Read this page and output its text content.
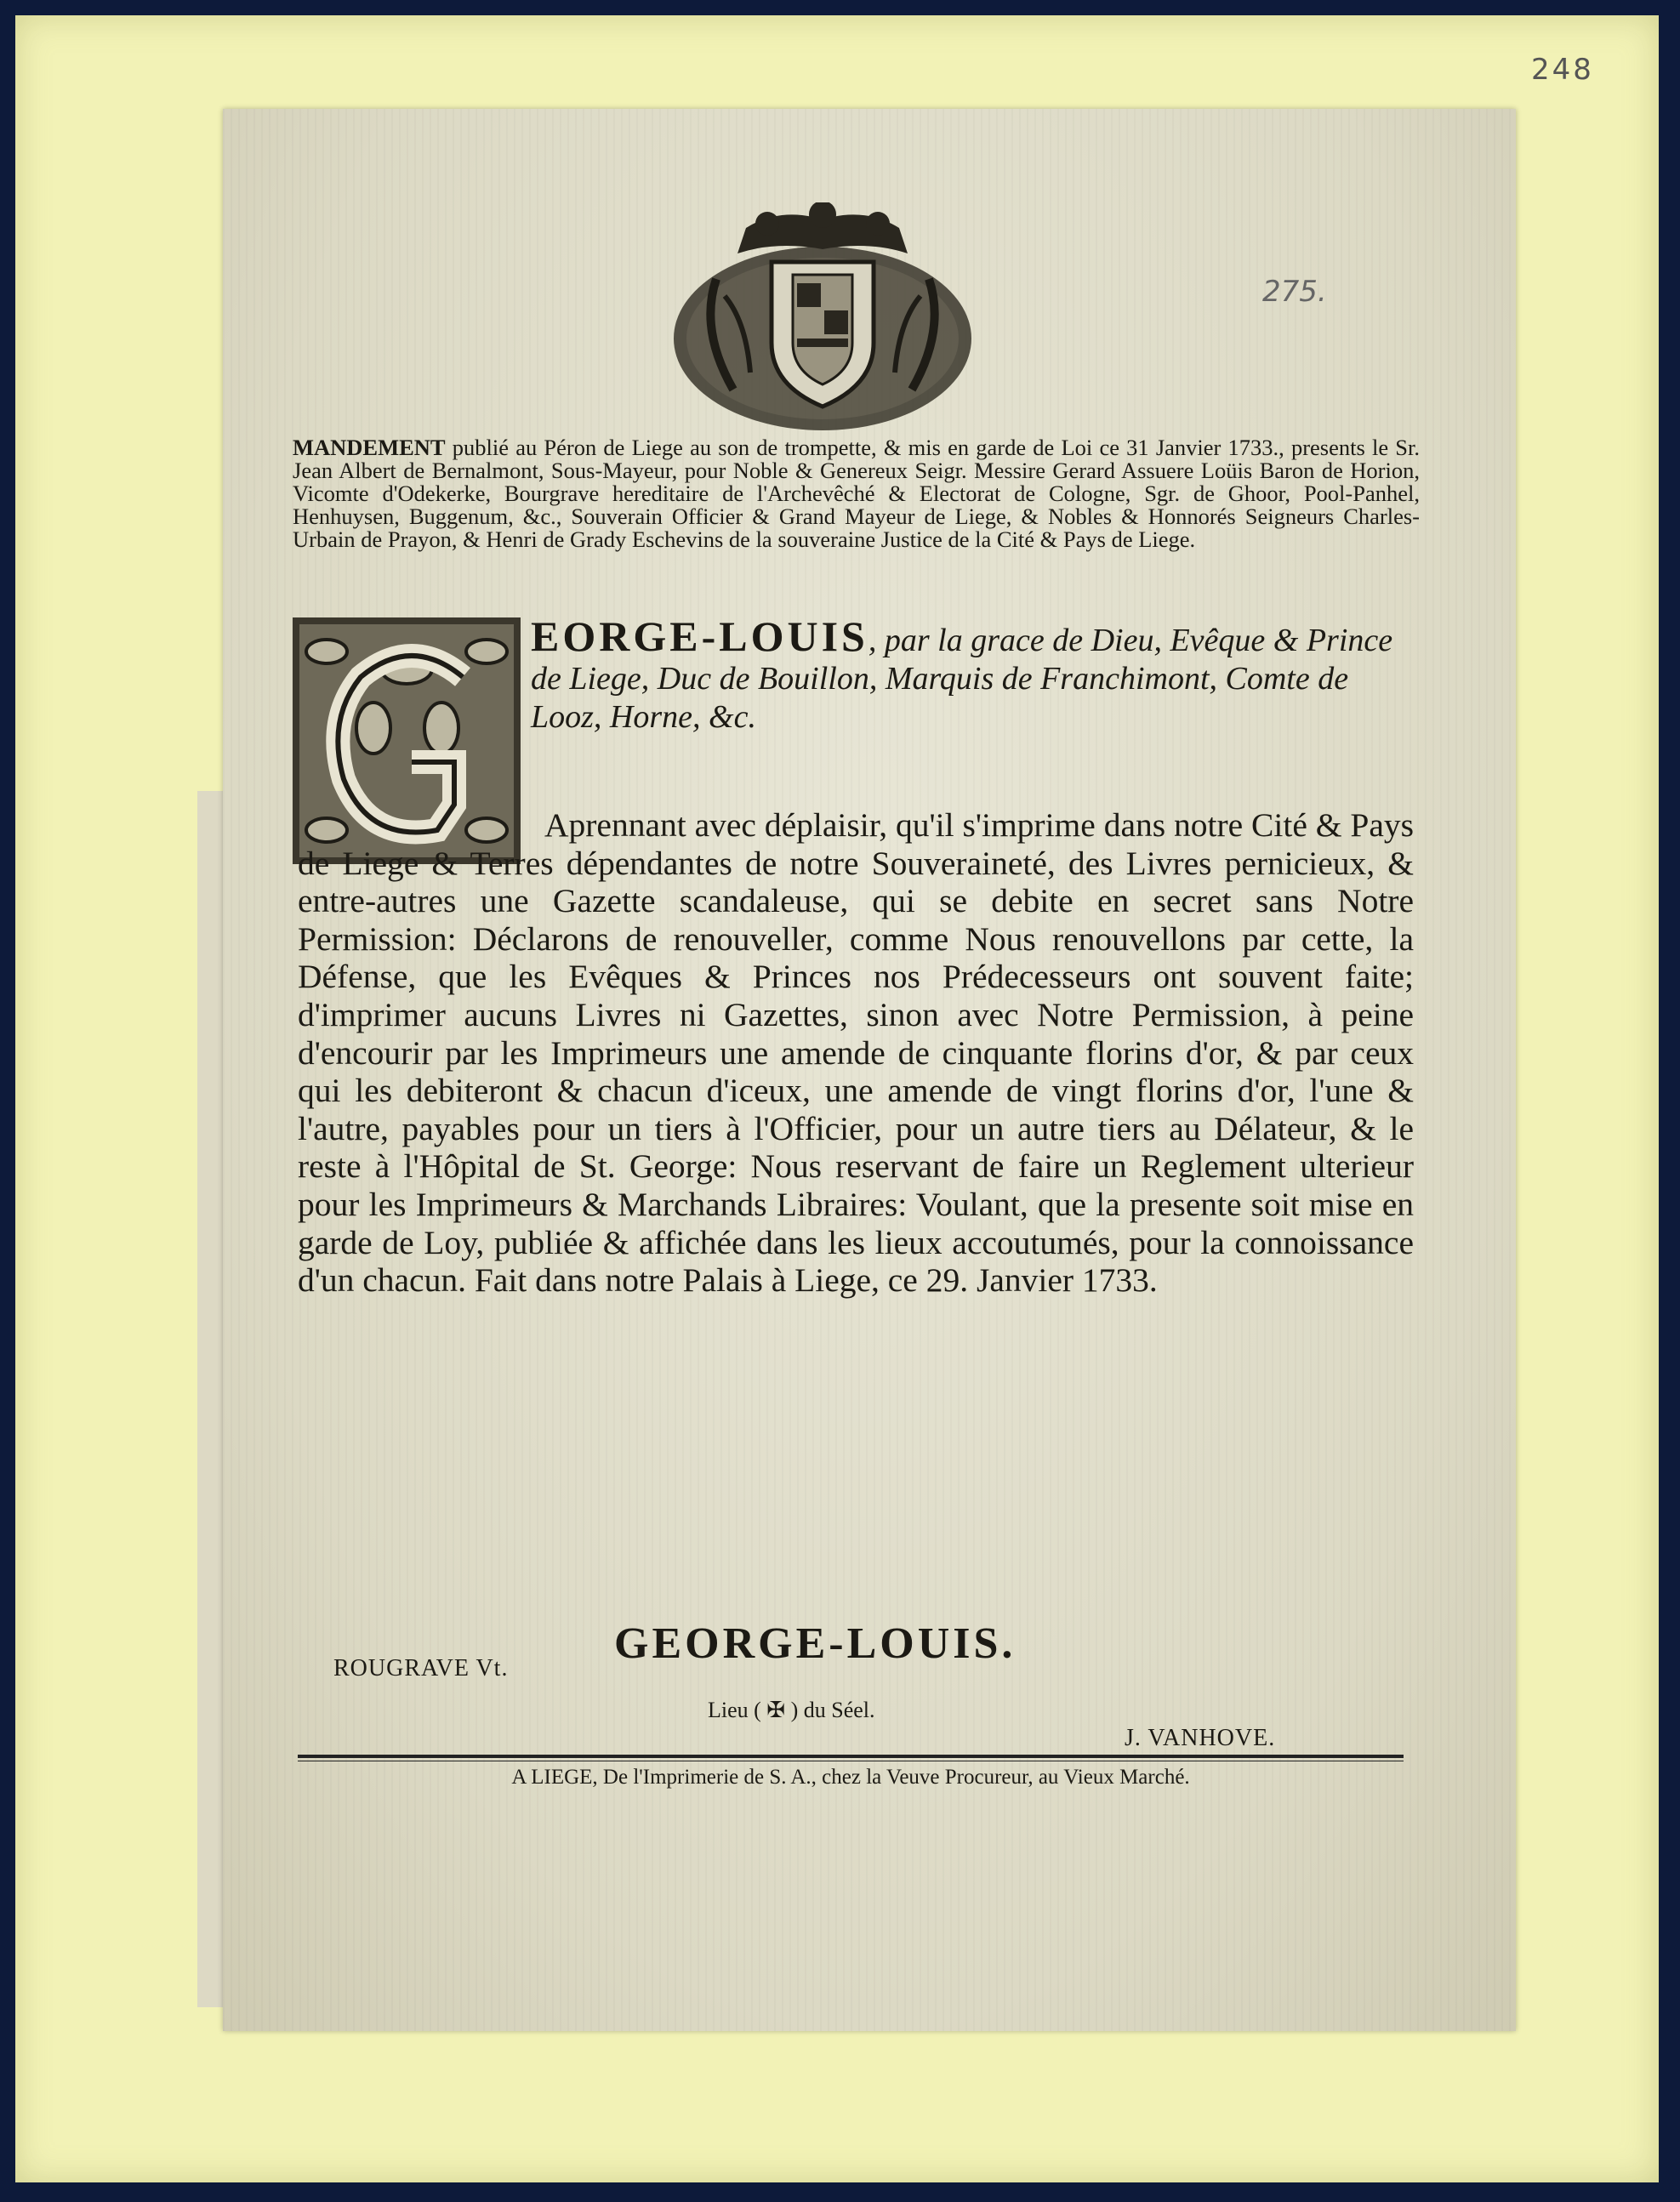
248
275.
MANDEMENT publié au Péron de Liege au son de trompette, & mis en garde de Loi ce 31 Janvier 1733., presents le Sr. Jean Albert de Bernalmont, Sous-Mayeur, pour Noble & Genereux Seigr. Messire Gerard Assuere Loüis Baron de Horion, Vicomte d'Odekerke, Bourgrave hereditaire de l'Archevêché & Electorat de Cologne, Sgr. de Ghoor, Pool-Panhel, Henhuysen, Buggenum, &c., Souverain Officier & Grand Mayeur de Liege, & Nobles & Honnorés Seigneurs Charles-Urbain de Prayon, & Henri de Grady Eschevins de la souveraine Justice de la Cité & Pays de Liege.
G	EORGE-LOUIS, par la grace de Dieu, Evêque & Prince de Liege, Duc de Bouillon, Marquis de Franchimont, Comte de Looz, Horne, &c.
Aprennant avec déplaisir, qu'il s'imprime dans notre Cité & Pays de Liege & Terres dépendantes de notre Souveraineté, des Livres pernicieux, & entre-autres une Gazette scandaleuse, qui se debite en secret sans Notre Permission: Déclarons de renouveller, comme Nous renouvellons par cette, la Défense, que les Evêques & Princes nos Prédecesseurs ont souvent faite; d'imprimer aucuns Livres ni Gazettes, sinon avec Notre Permission, à peine d'encourir par les Imprimeurs une amende de cinquante florins d'or, & par ceux qui les debiteront & chacun d'iceux, une amende de vingt florins d'or, l'une & l'autre, payables pour un tiers à l'Officier, pour un autre tiers au Délateur, & le reste à l'Hôpital de St. George: Nous reservant de faire un Reglement ulterieur pour les Imprimeurs & Marchands Libraires: Voulant, que la presente soit mise en garde de Loy, publiée & affichée dans les lieux accoutumés, pour la connoissance d'un chacun. Fait dans notre Palais à Liege, ce 29. Janvier 1733.
GEORGE-LOUIS.
ROUGRAVE Vt.
Lieu ( ✠ ) du Séel.
J. VANHOVE.
A LIEGE, De l'Imprimerie de S. A., chez la Veuve Procureur, au Vieux Marché.
